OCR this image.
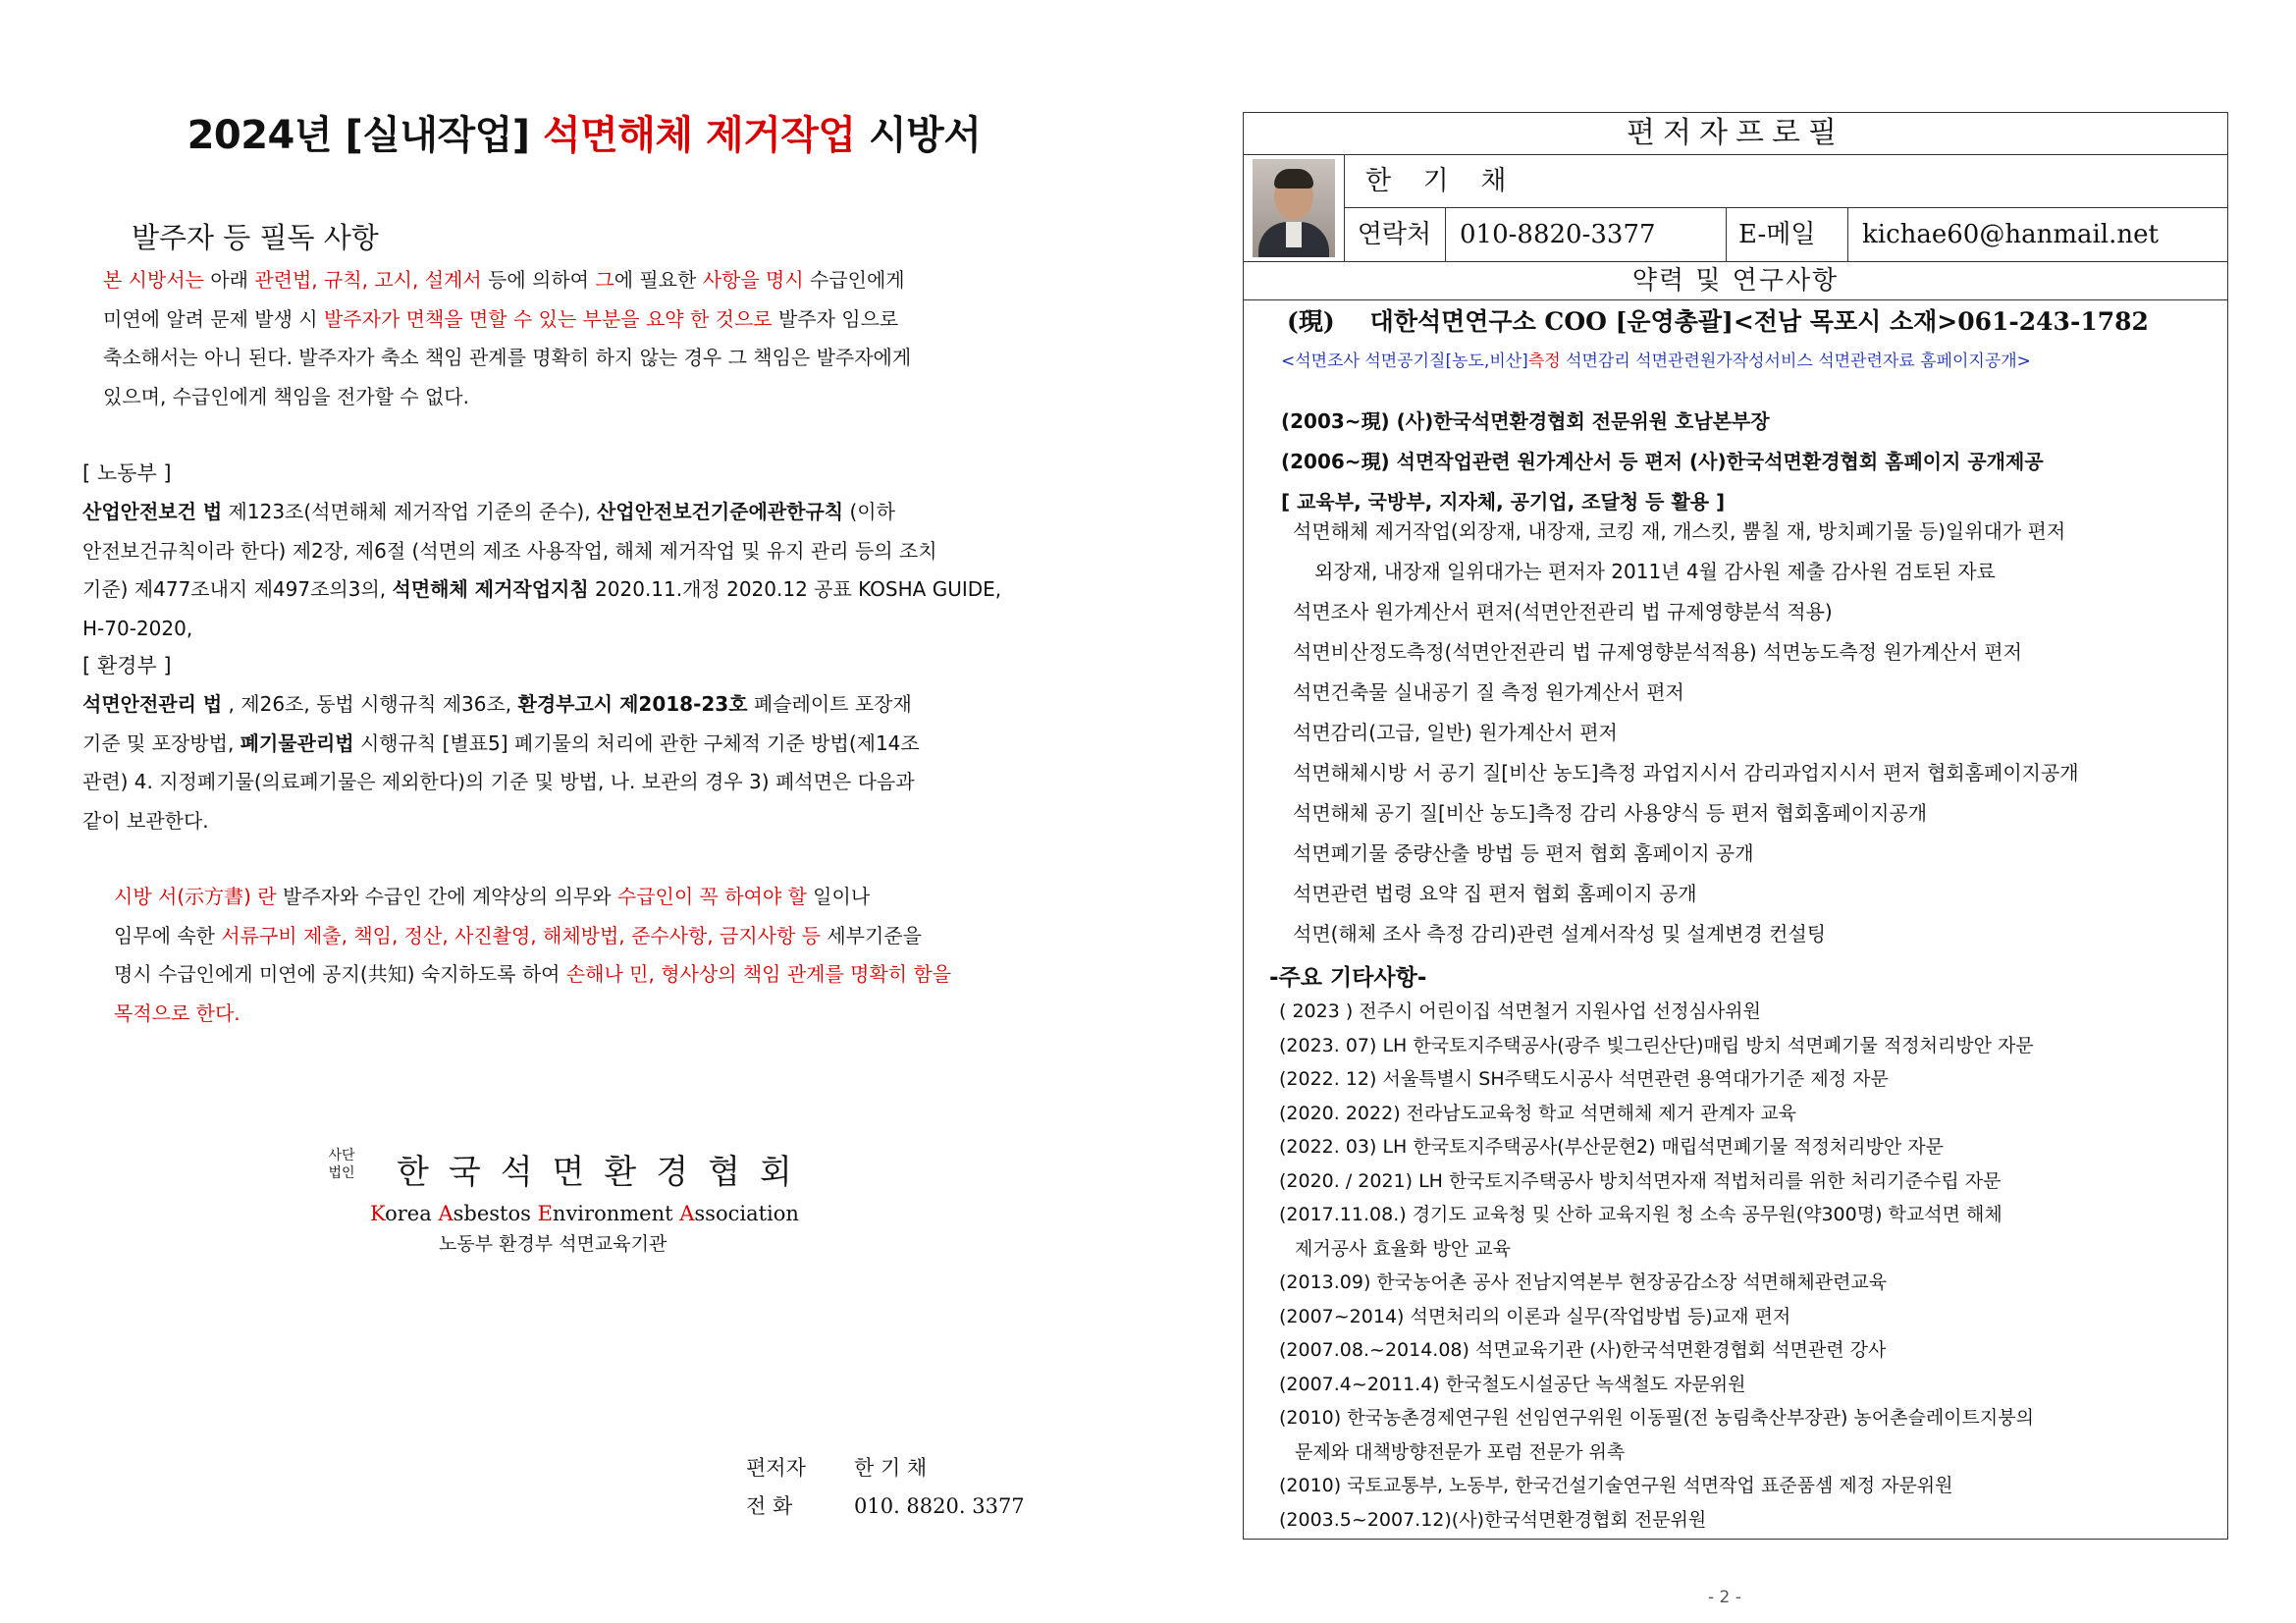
2024년 [실내작업] 석면해체 제거작업 시방서
발주자 등 필독 사항
본 시방서는 아래 관련법, 규칙, 고시, 설계서 등에 의하여 그에 필요한 사항을 명시 수급인에게
미연에 알려 문제 발생 시 발주자가 면책을 면할 수 있는 부분을 요약 한 것으로 발주자 임으로
축소해서는 아니 된다. 발주자가 축소 책임 관계를 명확히 하지 않는 경우 그 책임은 발주자에게
있으며, 수급인에게 책임을 전가할 수 없다.
[ 노동부 ]
산업안전보건 법 제123조(석면해체 제거작업 기준의 준수), 산업안전보건기준에관한규칙 (이하
안전보건규칙이라 한다) 제2장, 제6절 (석면의 제조 사용작업, 해체 제거작업 및 유지 관리 등의 조치
기준) 제477조내지 제497조의3의, 석면해체 제거작업지침 2020.11.개정 2020.12 공표 KOSHA GUIDE,
H-70-2020,
[ 환경부 ]
석면안전관리 법 , 제26조, 동법 시행규칙 제36조, 환경부고시 제2018-23호 폐슬레이트 포장재
기준 및 포장방법, 폐기물관리법 시행규칙 [별표5] 폐기물의 처리에 관한 구체적 기준 방법(제14조
관련) 4. 지정폐기물(의료폐기물은 제외한다)의 기준 및 방법, 나. 보관의 경우 3) 폐석면은 다음과
같이 보관한다.
시방 서(示方書) 란 발주자와 수급인 간에 계약상의 의무와 수급인이 꼭 하여야 할 일이나
임무에 속한 서류구비 제출, 책임, 정산, 사진촬영, 해체방법, 준수사항, 금지사항 등 세부기준을
명시 수급인에게 미연에 공지(共知) 숙지하도록 하여 손해나 민, 형사상의 책임 관계를 명확히 함을
목적으로 한다.
사단
법인 한국석면환경협회
Korea Asbestos Environment Association
노동부 환경부 석면교육기관
편저자 한 기 채
전 화	010. 8820. 3377
편저자프로필
한 기 채
연락처	010-8820-3377	E-메일	kichae60@hanmail.net
약력 및 연구사항
(現) 대한석면연구소 COO [운영총괄]<전남 목포시 소재>061-243-1782
<석면조사 석면공기질[농도,비산]측정 석면감리 석면관련원가작성서비스 석면관련자료 홈페이지공개>
(2003~現) (사)한국석면환경협회 전문위원 호남본부장
(2006~現) 석면작업관련 원가계산서 등 편저 (사)한국석면환경협회 홈페이지 공개제공
[ 교육부, 국방부, 지자체, 공기업, 조달청 등 활용 ]
석면해체 제거작업(외장재, 내장재, 코킹 재, 개스킷, 뿜칠 재, 방치폐기물 등)일위대가 편저
외장재, 내장재 일위대가는 편저자 2011년 4월 감사원 제출 감사원 검토된 자료
석면조사 원가계산서 편저(석면안전관리 법 규제영향분석 적용)
석면비산정도측정(석면안전관리 법 규제영향분석적용) 석면농도측정 원가계산서 편저
석면건축물 실내공기 질 측정 원가계산서 편저
석면감리(고급, 일반) 원가계산서 편저
석면해체시방 서 공기 질[비산 농도]측정 과업지시서 감리과업지시서 편저 협회홈페이지공개
석면해체 공기 질[비산 농도]측정 감리 사용양식 등 편저 협회홈페이지공개
석면폐기물 중량산출 방법 등 편저 협회 홈페이지 공개
석면관련 법령 요약 집 편저 협회 홈페이지 공개
석면(해체 조사 측정 감리)관련 설계서작성 및 설계변경 컨설팅
-주요 기타사항-
( 2023 ) 전주시 어린이집 석면철거 지원사업 선정심사위원
(2023. 07) LH 한국토지주택공사(광주 빛그린산단)매립 방치 석면폐기물 적정처리방안 자문
(2022. 12) 서울특별시 SH주택도시공사 석면관련 용역대가기준 제정 자문
(2020. 2022) 전라남도교육청 학교 석면해체 제거 관계자 교육
(2022. 03) LH 한국토지주택공사(부산문현2) 매립석면폐기물 적정처리방안 자문
(2020. / 2021) LH 한국토지주택공사 방치석면자재 적법처리를 위한 처리기준수립 자문
(2017.11.08.) 경기도 교육청 및 산하 교육지원 청 소속 공무원(약300명) 학교석면 해체
제거공사 효율화 방안 교육
(2013.09) 한국농어촌 공사 전남지역본부 현장공감소장 석면해체관련교육
(2007~2014) 석면처리의 이론과 실무(작업방법 등)교재 편저
(2007.08.~2014.08) 석면교육기관 (사)한국석면환경협회 석면관련 강사
(2007.4~2011.4) 한국철도시설공단 녹색철도 자문위원
(2010) 한국농촌경제연구원 선임연구위원 이동필(전 농림축산부장관) 농어촌슬레이트지붕의
문제와 대책방향전문가 포럼 전문가 위촉
(2010) 국토교통부, 노동부, 한국건설기술연구원 석면작업 표준품셈 제정 자문위원
(2003.5~2007.12)(사)한국석면환경협회 전문위원
- 2 -
